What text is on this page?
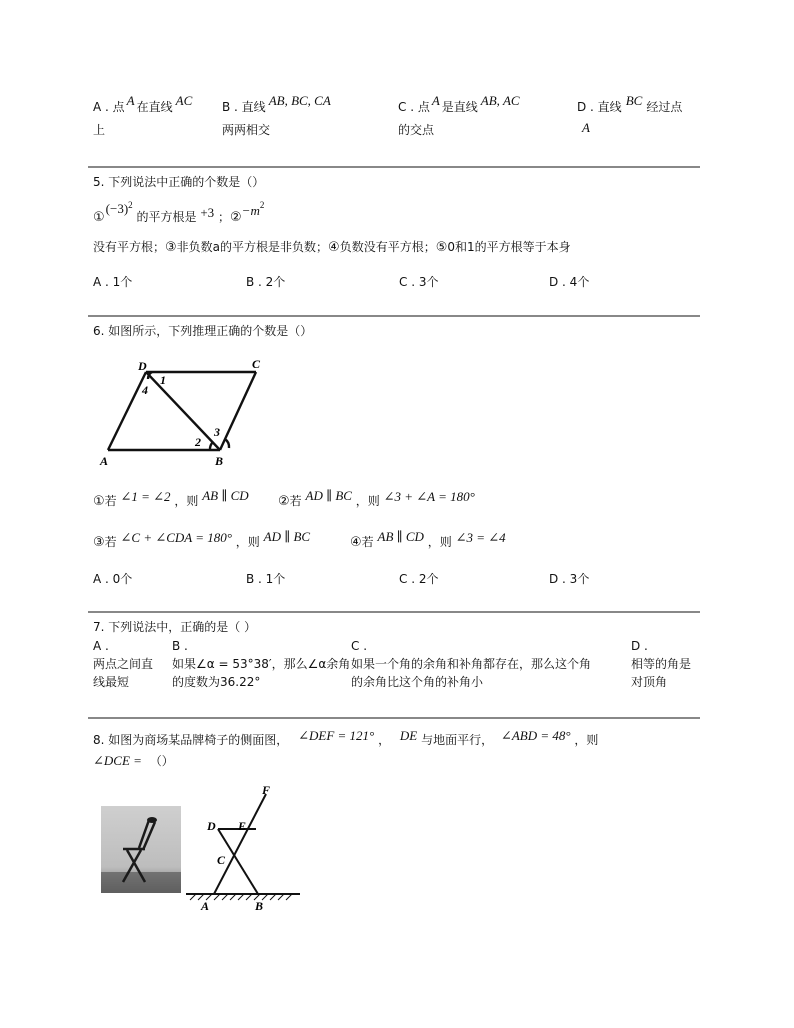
A . 点 A 在直线 AC
上
B . 直线 AB, BC, CA
两两相交
C . 点 A 是直线 AB, AC
的交点
D . 直线 BC 经过点
A
5. 下列说法中正确的个数是（）
$①(-3)^2$ 的平方根是 +3 ；$②-m^2$
没有平方根；③非负数a的平方根是非负数；④负数没有平方根；⑤0和1的平方根等于本身
A . 1个	B . 2个	C . 3个	D . 4个
6. 如图所示，下列推理正确的个数是（）
D	C
A	B
1
2
3
4
①若 ∠1 = ∠2 ，则 AB ∥ CD ②若 AD ∥ BC ，则 ∠3 + ∠A = 180°
③若 ∠C + ∠CDA = 180° ，则 AD ∥ BC	④若 AB ∥ CD ，则 ∠3 = ∠4
A . 0个	B . 1个	C . 2个	D . 3个
7. 下列说法中，正确的是（ ）
A .
两点之间直
线最短
B .
如果∠α = 53°38′，那么∠α余角
的度数为36.22°
C .
如果一个角的余角和补角都存在，那么这个角
的余角比这个角的补角小
D .
相等的角是
对顶角
8. 如图为商场某品牌椅子的侧面图， ∠DEF = 121° ， DE 与地面平行， ∠ABD = 48° ，则
∠DCE = （）
F
D E
C
A	B
